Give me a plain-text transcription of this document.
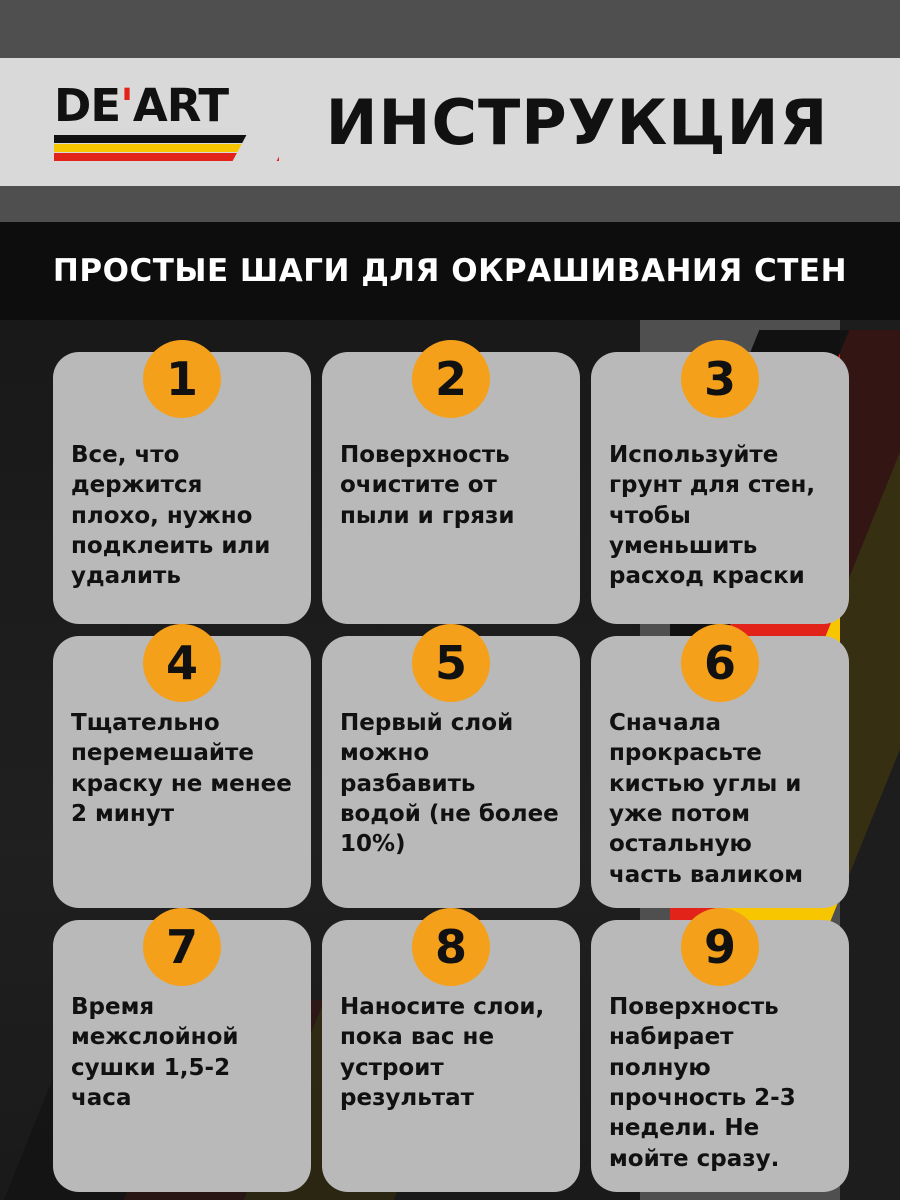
DE'ART	ИНСТРУКЦИЯ
ПРОСТЫЕ ШАГИ ДЛЯ ОКРАШИВАНИЯ СТЕН
1
Все, что держится плохо, нужно подклеить или удалить
2
Поверхность очистите от пыли и грязи
3
Используйте грунт для стен, чтобы уменьшить расход краски
4
Тщательно перемешайте краску не менее 2 минут
5
Первый слой можно разбавить водой (не более 10%)
6
Сначала прокрасьте кистью углы и уже потом остальную часть валиком
7
Время межслойной сушки 1,5-2 часа
8
Наносите слои, пока вас не устроит результат
9
Поверхность набирает полную прочность 2-3 недели. Не мойте сразу.
